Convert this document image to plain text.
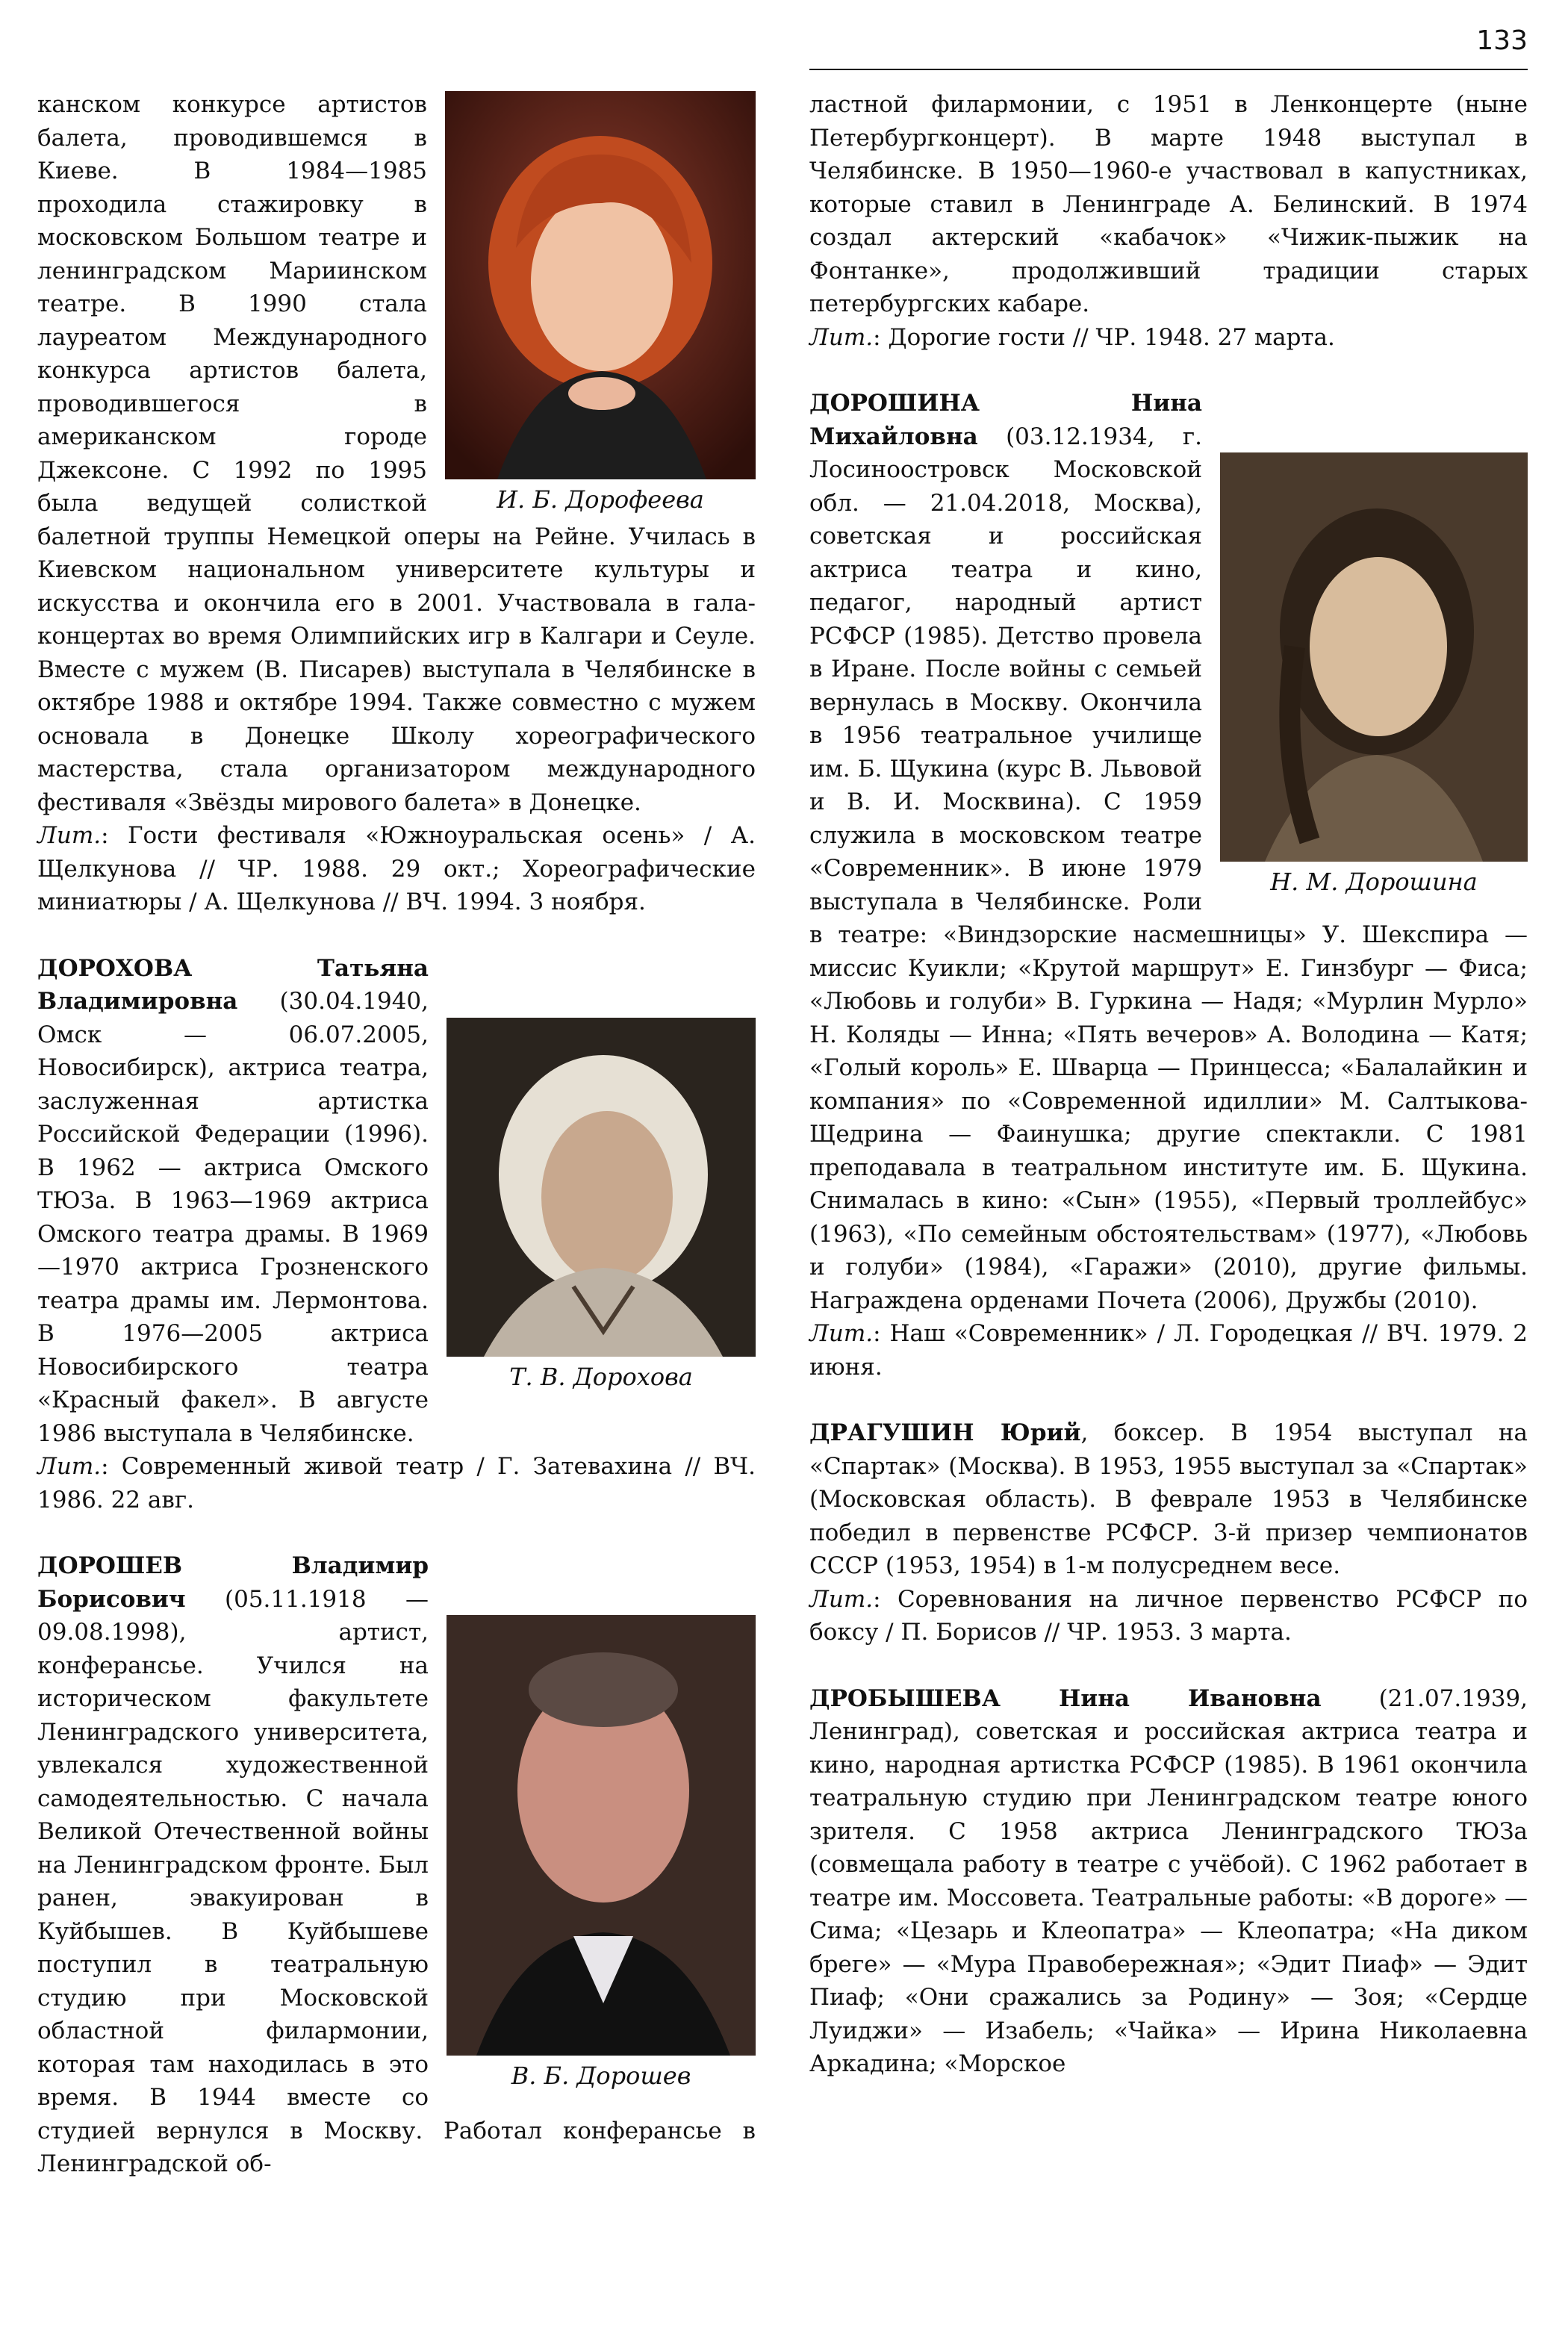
133
И. Б. Дорофеева

канском конкурсе артистов балета, проводившемся в Киеве. В 1984—1985 проходила стажировку в московском Большом театре и ленинградском Мариинском театре. В 1990 стала лауреатом Международного конкурса артистов балета, проводившегося в американском городе Джексоне. С 1992 по 1995 была ведущей солисткой балетной труппы Немецкой оперы на Рейне. Училась в Киевском национальном университете культуры и искусства и окончила его в 2001. Участвовала в гала-концертах во время Олимпийских игр в Калгари и Сеуле. Вместе с мужем (В. Писарев) выступала в Челябинске в октябре 1988 и октябре 1994. Также совместно с мужем основала в Донецке Школу хореографического мастерства, стала организатором международного фестиваля «Звёзды мирового балета» в Донецке.

Лит.: Гости фестиваля «Южноуральская осень» / А. Щелкунова // ЧР. 1988. 29 окт.; Хореографические миниатюры / А. Щелкунова // ВЧ. 1994. 3 ноября.

Т. В. Дорохова

ДОРОХОВА Татьяна Владимировна (30.04.1940, Омск — 06.07.2005, Новосибирск), актриса театра, заслуженная артистка Российской Федерации (1996). В 1962 — актриса Омского ТЮЗа. В 1963—1969 актриса Омского театра драмы. В 1969—1970 актриса Грозненского театра драмы им. Лермонтова. В 1976—2005 актриса Новосибирского театра «Красный факел». В августе 1986 выступала в Челябинске.

Лит.: Современный живой театр / Г. Затевахина // ВЧ. 1986. 22 авг.

В. Б. Дорошев

ДОРОШЕВ Владимир Борисович (05.11.1918 — 09.08.1998), артист, конферансье. Учился на историческом факультете Ленинградского университета, увлекался художественной самодеятельностью. С начала Великой Отечественной войны на Ленинградском фронте. Был ранен, эвакуирован в Куйбышев. В Куйбышеве поступил в театральную студию при Московской областной филармонии, которая там находилась в это время. В 1944 вместе со студией вернулся в Москву. Работал конферансье в Ленинградской об-

ластной филармонии, с 1951 в Ленконцерте (ныне Петербургконцерт). В марте 1948 выступал в Челябинске. В 1950—1960-е участвовал в капустниках, которые ставил в Ленинграде А. Белинский. В 1974 создал актерский «кабачок» «Чижик-пыжик на Фонтанке», продолживший традиции старых петербургских кабаре.

Лит.: Дорогие гости // ЧР. 1948. 27 марта.

Н. М. Дорошина

ДОРОШИНА Нина Михайловна (03.12.1934, г. Лосиноостровск Московской обл. — 21.04.2018, Москва), советская и российская актриса театра и кино, педагог, народный артист РСФСР (1985). Детство провела в Иране. После войны с семьей вернулась в Москву. Окончила в 1956 театральное училище им. Б. Щукина (курс В. Львовой и В. И. Москвина). С 1959 служила в московском театре «Современник». В июне 1979 выступала в Челябинске. Роли в театре: «Виндзорские насмешницы» У. Шекспира — миссис Куикли; «Крутой маршрут» Е. Гинзбург — Фиса; «Любовь и голуби» В. Гуркина — Надя; «Мурлин Мурло» Н. Коляды — Инна; «Пять вечеров» А. Володина — Катя; «Голый король» Е. Шварца — Принцесса; «Балалайкин и компания» по «Современной идиллии» М. Салтыкова-Щедрина — Фаинушка; другие спектакли. С 1981 преподавала в театральном институте им. Б. Щукина. Снималась в кино: «Сын» (1955), «Первый троллейбус» (1963), «По семейным обстоятельствам» (1977), «Любовь и голуби» (1984), «Гаражи» (2010), другие фильмы. Награждена орденами Почета (2006), Дружбы (2010).

Лит.: Наш «Современник» / Л. Городецкая // ВЧ. 1979. 2 июня.

ДРАГУШИН Юрий, боксер. В 1954 выступал на «Спартак» (Москва). В 1953, 1955 выступал за «Спартак» (Московская область). В феврале 1953 в Челябинске победил в первенстве РСФСР. 3-й призер чемпионатов СССР (1953, 1954) в 1-м полусреднем весе.

Лит.: Соревнования на личное первенство РСФСР по боксу / П. Борисов // ЧР. 1953. 3 марта.

ДРОБЫШЕВА Нина Ивановна (21.07.1939, Ленинград), советская и российская актриса театра и кино, народная артистка РСФСР (1985). В 1961 окончила театральную студию при Ленинградском театре юного зрителя. С 1958 актриса Ленинградского ТЮЗа (совмещала работу в театре с учёбой). С 1962 работает в театре им. Моссовета. Театральные работы: «В дороге» — Сима; «Цезарь и Клеопатра» — Клеопатра; «На диком бреге» — «Мура Правобережная»; «Эдит Пиаф» — Эдит Пиаф; «Они сражались за Родину» — Зоя; «Сердце Луиджи» — Изабель; «Чайка» — Ирина Николаевна Аркадина; «Морское
